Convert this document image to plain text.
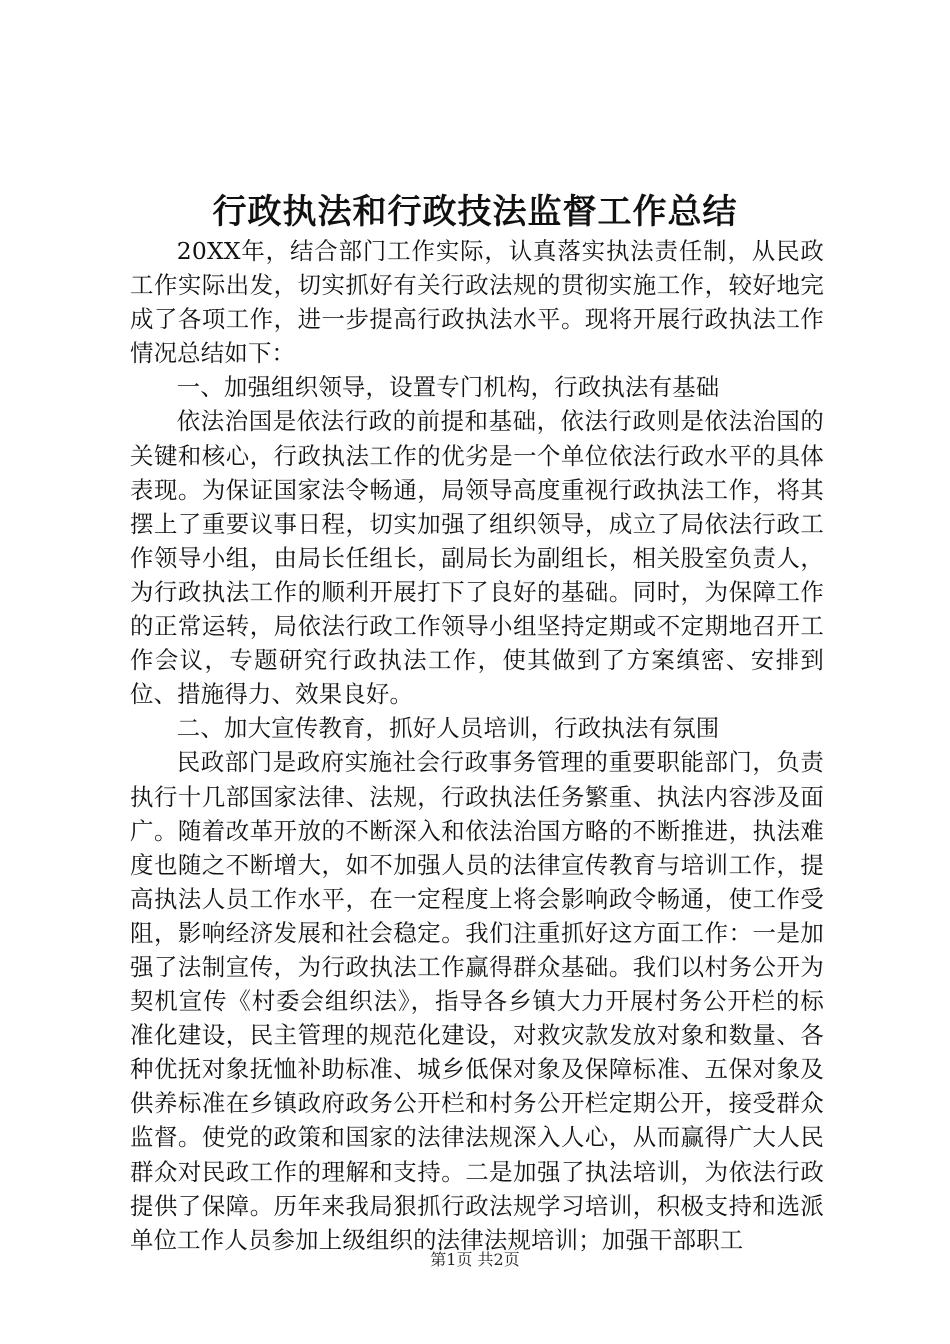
行政执法和行政技法监督工作总结

20XX年，结合部门工作实际，认真落实执法责任制，从民政工作实际出发，切实抓好有关行政法规的贯彻实施工作，较好地完成了各项工作，进一步提高行政执法水平。现将开展行政执法工作情况总结如下：

一、加强组织领导，设置专门机构，行政执法有基础

依法治国是依法行政的前提和基础，依法行政则是依法治国的关键和核心，行政执法工作的优劣是一个单位依法行政水平的具体表现。为保证国家法令畅通，局领导高度重视行政执法工作，将其摆上了重要议事日程，切实加强了组织领导，成立了局依法行政工作领导小组，由局长任组长，副局长为副组长，相关股室负责人，为行政执法工作的顺利开展打下了良好的基础。同时，为保障工作的正常运转，局依法行政工作领导小组坚持定期或不定期地召开工作会议，专题研究行政执法工作，使其做到了方案缜密、安排到位、措施得力、效果良好。

二、加大宣传教育，抓好人员培训，行政执法有氛围

民政部门是政府实施社会行政事务管理的重要职能部门，负责执行十几部国家法律、法规，行政执法任务繁重、执法内容涉及面广。随着改革开放的不断深入和依法治国方略的不断推进，执法难度也随之不断增大，如不加强人员的法律宣传教育与培训工作，提高执法人员工作水平，在一定程度上将会影响政令畅通，使工作受阻，影响经济发展和社会稳定。我们注重抓好这方面工作：一是加强了法制宣传，为行政执法工作赢得群众基础。我们以村务公开为契机宣传《村委会组织法》，指导各乡镇大力开展村务公开栏的标准化建设，民主管理的规范化建设，对救灾款发放对象和数量、各种优抚对象抚恤补助标准、城乡低保对象及保障标准、五保对象及供养标准在乡镇政府政务公开栏和村务公开栏定期公开，接受群众监督。使党的政策和国家的法律法规深入人心，从而赢得广大人民群众对民政工作的理解和支持。二是加强了执法培训，为依法行政提供了保障。历年来我局狠抓行政法规学习培训，积极支持和选派单位工作人员参加上级组织的法律法规培训；加强干部职工

第1页 共2页
